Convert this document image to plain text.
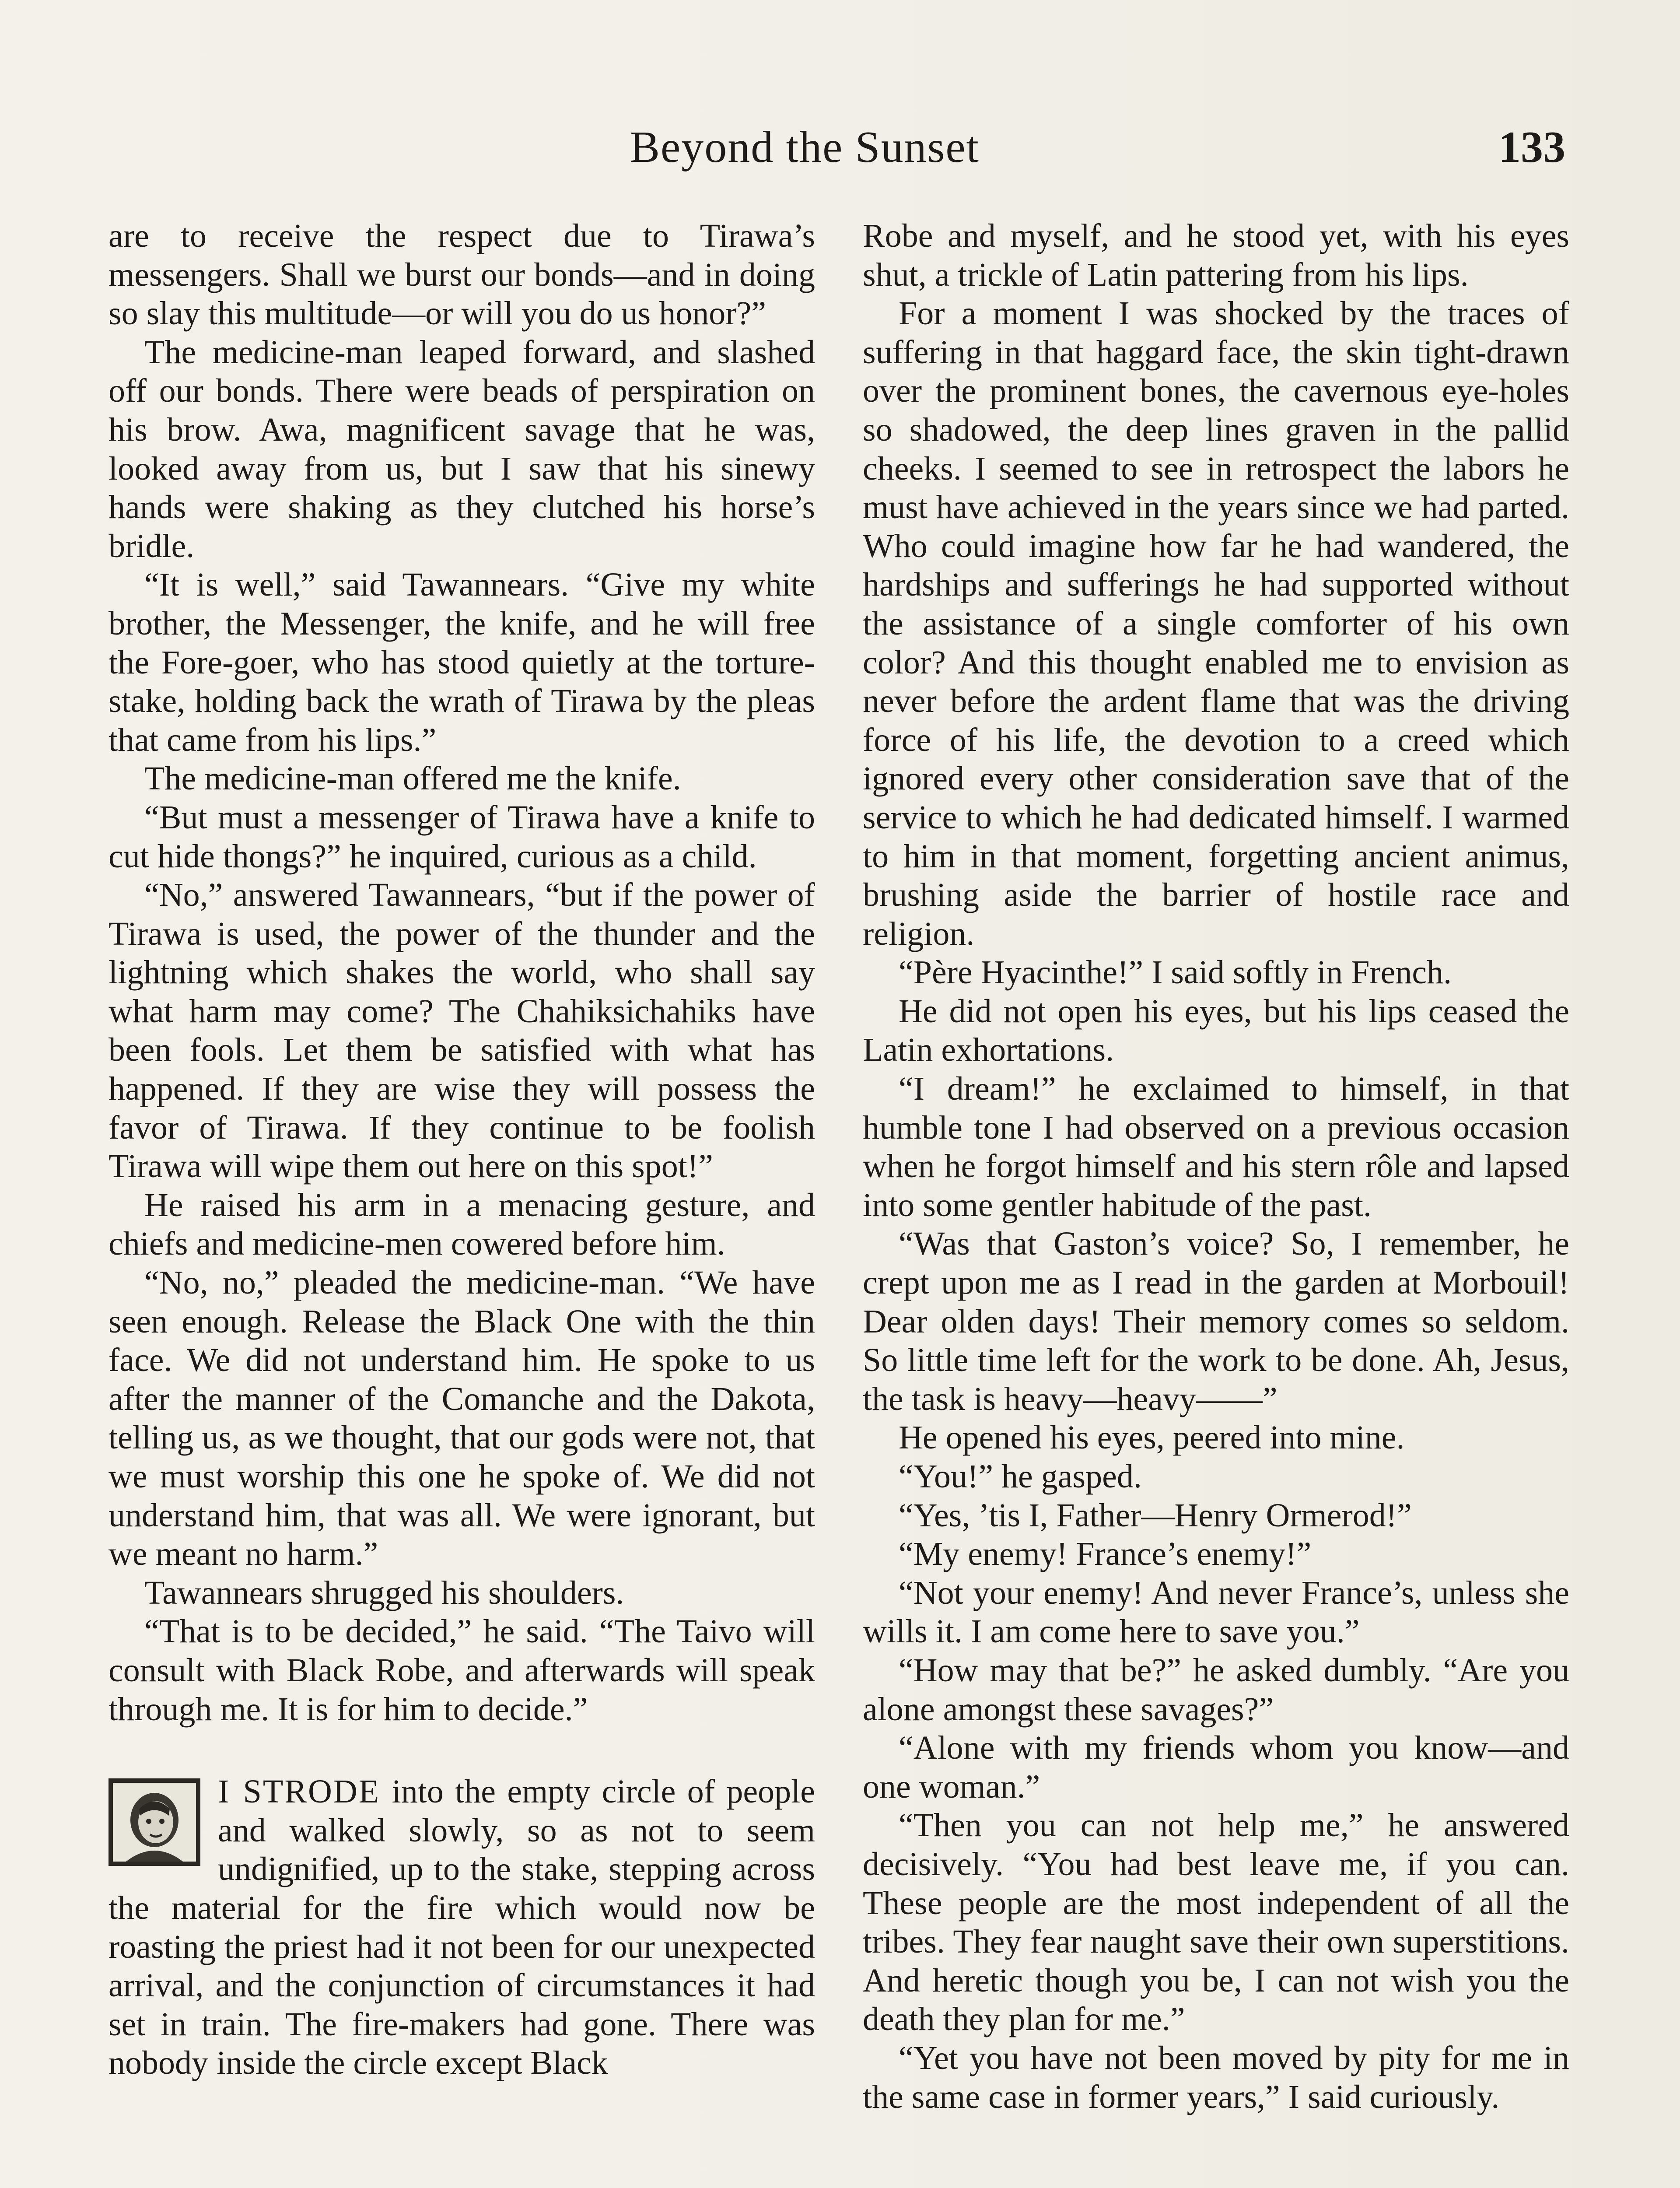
Beyond the Sunset	133

are to receive the respect due to Tirawa’s messengers. Shall we burst our bonds—and in doing so slay this multitude—or will you do us honor?”

The medicine-man leaped forward, and slashed off our bonds. There were beads of perspiration on his brow. Awa, magnificent savage that he was, looked away from us, but I saw that his sinewy hands were shaking as they clutched his horse’s bridle.

“It is well,” said Tawannears. “Give my white brother, the Messenger, the knife, and he will free the Fore-goer, who has stood quietly at the torture-stake, holding back the wrath of Tirawa by the pleas that came from his lips.”

The medicine-man offered me the knife.

“But must a messenger of Tirawa have a knife to cut hide thongs?” he inquired, curious as a child.

“No,” answered Tawannears, “but if the power of Tirawa is used, the power of the thunder and the lightning which shakes the world, who shall say what harm may come? The Chahiksichahiks have been fools. Let them be satisfied with what has happened. If they are wise they will possess the favor of Tirawa. If they continue to be foolish Tirawa will wipe them out here on this spot!”

He raised his arm in a menacing gesture, and chiefs and medicine-men cowered before him.

“No, no,” pleaded the medicine-man. “We have seen enough. Release the Black One with the thin face. We did not understand him. He spoke to us after the manner of the Comanche and the Dakota, telling us, as we thought, that our gods were not, that we must worship this one he spoke of. We did not understand him, that was all. We were ignorant, but we meant no harm.”

Tawannears shrugged his shoulders.

“That is to be decided,” he said. “The Taivo will consult with Black Robe, and afterwards will speak through me. It is for him to decide.”

I STRODE into the empty circle of people and walked slowly, so as not to seem undignified, up to the stake, stepping across the material for the fire which would now be roasting the priest had it not been for our unexpected arrival, and the conjunction of circumstances it had set in train. The fire-makers had gone. There was nobody inside the circle except Black

Robe and myself, and he stood yet, with his eyes shut, a trickle of Latin pattering from his lips.

For a moment I was shocked by the traces of suffering in that haggard face, the skin tight-drawn over the prominent bones, the cavernous eye-holes so shadowed, the deep lines graven in the pallid cheeks. I seemed to see in retrospect the labors he must have achieved in the years since we had parted. Who could imagine how far he had wandered, the hardships and sufferings he had supported without the assistance of a single comforter of his own color? And this thought enabled me to envision as never before the ardent flame that was the driving force of his life, the devotion to a creed which ignored every other consideration save that of the service to which he had dedicated himself. I warmed to him in that moment, forgetting ancient animus, brushing aside the barrier of hostile race and religion.

“Père Hyacinthe!” I said softly in French.

He did not open his eyes, but his lips ceased the Latin exhortations.

“I dream!” he exclaimed to himself, in that humble tone I had observed on a previous occasion when he forgot himself and his stern rôle and lapsed into some gentler habitude of the past.

“Was that Gaston’s voice? So, I remember, he crept upon me as I read in the garden at Morbouil! Dear olden days! Their memory comes so seldom. So little time left for the work to be done. Ah, Jesus, the task is heavy—heavy——”

He opened his eyes, peered into mine.

“You!” he gasped.

“Yes, ’tis I, Father—Henry Ormerod!”

“My enemy! France’s enemy!”

“Not your enemy! And never France’s, unless she wills it. I am come here to save you.”

“How may that be?” he asked dumbly. “Are you alone amongst these savages?”

“Alone with my friends whom you know—and one woman.”

“Then you can not help me,” he answered decisively. “You had best leave me, if you can. These people are the most independent of all the tribes. They fear naught save their own superstitions. And heretic though you be, I can not wish you the death they plan for me.”

“Yet you have not been moved by pity for me in the same case in former years,” I said curiously.
